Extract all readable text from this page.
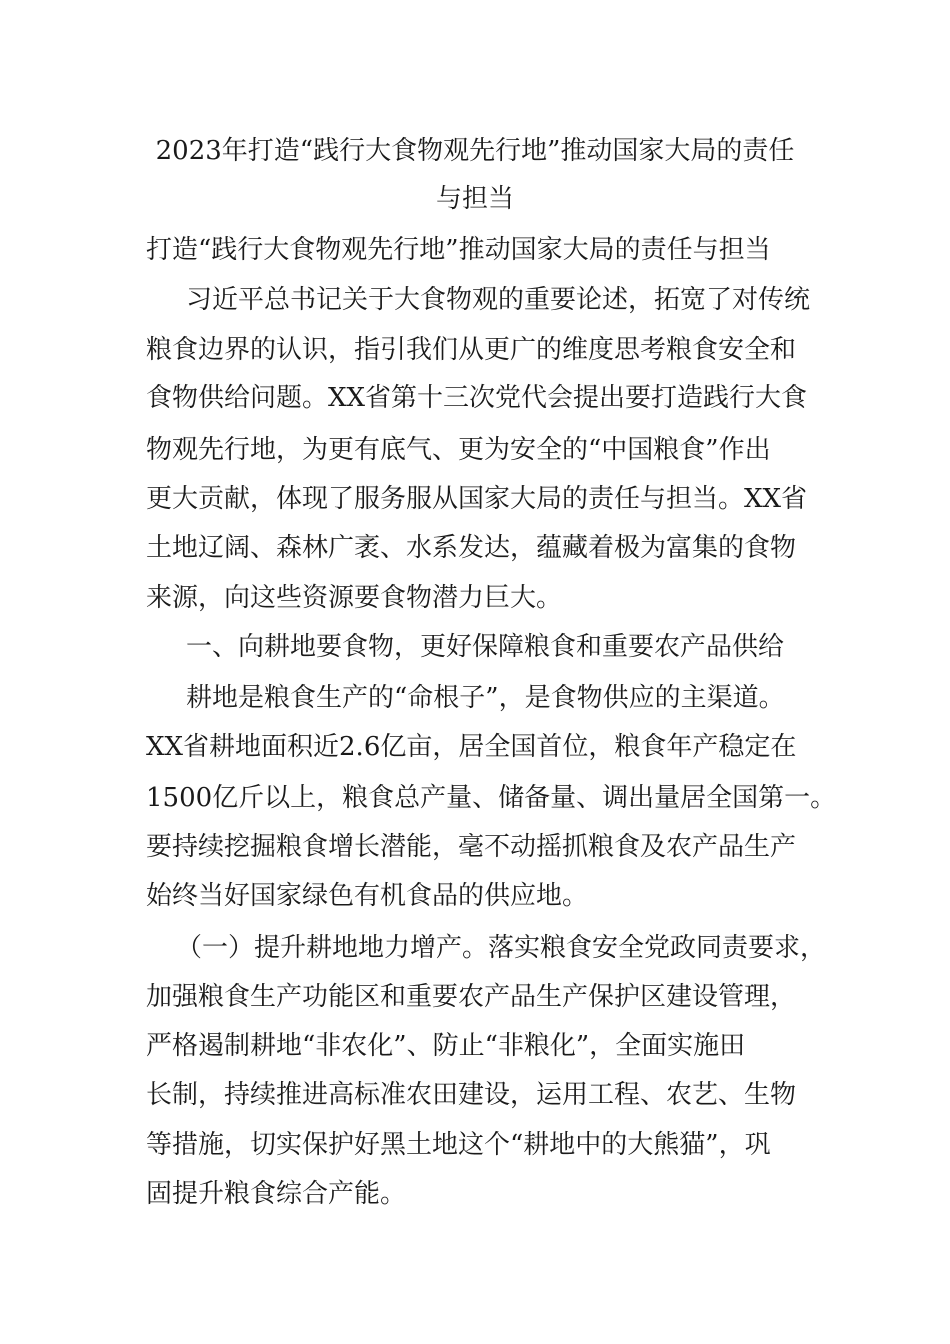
2023年打造“践行大食物观先行地”推动国家大局的责任
与担当

打造“践行大食物观先行地”推动国家大局的责任与担当

习近平总书记关于大食物观的重要论述，拓宽了对传统

粮食边界的认识，指引我们从更广的维度思考粮食安全和

食物供给问题。XX省第十三次党代会提出要打造践行大食

物观先行地，为更有底气、更为安全的“中国粮食”作出

更大贡献，体现了服务服从国家大局的责任与担当。XX省

土地辽阔、森林广袤、水系发达，蕴藏着极为富集的食物

来源，向这些资源要食物潜力巨大。

一、向耕地要食物，更好保障粮食和重要农产品供给

耕地是粮食生产的“命根子”，是食物供应的主渠道。

XX省耕地面积近2.6亿亩，居全国首位，粮食年产稳定在

1500亿斤以上，粮食总产量、储备量、调出量居全国第一。

要持续挖掘粮食增长潜能，毫不动摇抓粮食及农产品生产

始终当好国家绿色有机食品的供应地。

（一）提升耕地地力增产。落实粮食安全党政同责要求，

加强粮食生产功能区和重要农产品生产保护区建设管理，

严格遏制耕地“非农化”、防止“非粮化”，全面实施田

长制，持续推进高标准农田建设，运用工程、农艺、生物

等措施，切实保护好黑土地这个“耕地中的大熊猫”，巩

固提升粮食综合产能。
